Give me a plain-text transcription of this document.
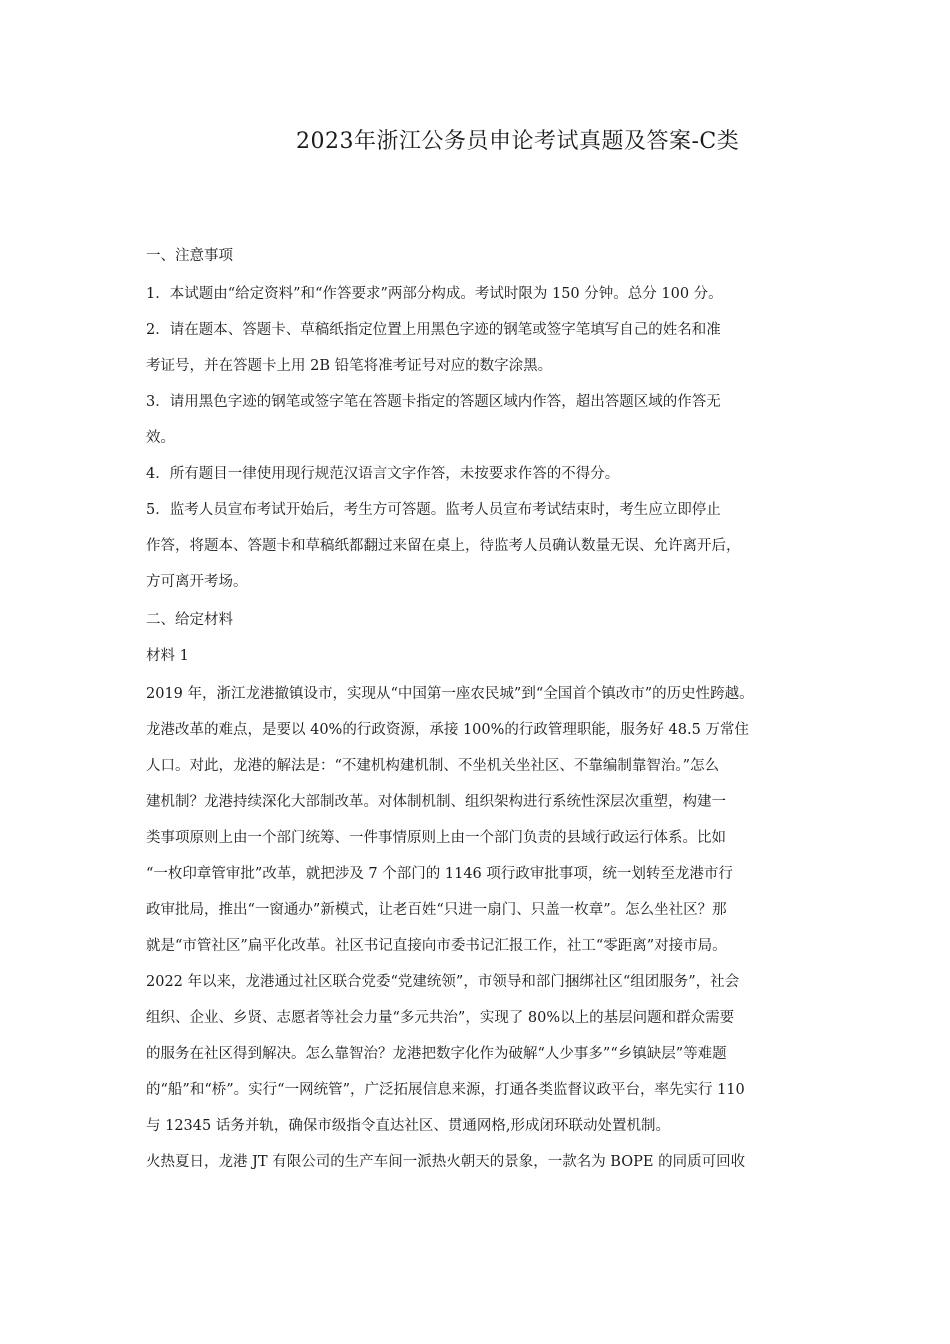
2023年浙江公务员申论考试真题及答案-C类
一、注意事项
1．本试题由“给定资料”和“作答要求”两部分构成。考试时限为 150 分钟。总分 100 分。
2．请在题本、答题卡、草稿纸指定位置上用黑色字迹的钢笔或签字笔填写自己的姓名和准
考证号，并在答题卡上用 2B 铅笔将准考证号对应的数字涂黑。
3．请用黑色字迹的钢笔或签字笔在答题卡指定的答题区域内作答，超出答题区域的作答无
效。
4．所有题目一律使用现行规范汉语言文字作答，未按要求作答的不得分。
5．监考人员宣布考试开始后，考生方可答题。监考人员宣布考试结束时，考生应立即停止
作答，将题本、答题卡和草稿纸都翻过来留在桌上，待监考人员确认数量无误、允许离开后，
方可离开考场。
二、给定材料
材料 1
2019 年，浙江龙港撤镇设市，实现从“中国第一座农民城”到“全国首个镇改市”的历史性跨越。
龙港改革的难点，是要以 40%的行政资源，承接 100%的行政管理职能，服务好 48.5 万常住
人口。对此，龙港的解法是：“不建机构建机制、不坐机关坐社区、不靠编制靠智治。”怎么
建机制？龙港持续深化大部制改革。对体制机制、组织架构进行系统性深层次重塑，构建一
类事项原则上由一个部门统筹、一件事情原则上由一个部门负责的县域行政运行体系。比如
“一枚印章管审批”改革，就把涉及 7 个部门的 1146 项行政审批事项，统一划转至龙港市行
政审批局，推出“一窗通办”新模式，让老百姓“只进一扇门、只盖一枚章”。怎么坐社区？那
就是“市管社区”扁平化改革。社区书记直接向市委书记汇报工作，社工“零距离”对接市局。
2022 年以来，龙港通过社区联合党委“党建统领”，市领导和部门捆绑社区“组团服务”，社会
组织、企业、乡贤、志愿者等社会力量“多元共治”，实现了 80%以上的基层问题和群众需要
的服务在社区得到解决。怎么靠智治？龙港把数字化作为破解“人少事多”“乡镇缺层”等难题
的“船”和“桥”。实行“一网统管”，广泛拓展信息来源，打通各类监督议政平台，率先实行 110
与 12345 话务并轨，确保市级指令直达社区、贯通网格,形成闭环联动处置机制。
火热夏日，龙港 JT 有限公司的生产车间一派热火朝天的景象，一款名为 BOPE 的同质可回收
